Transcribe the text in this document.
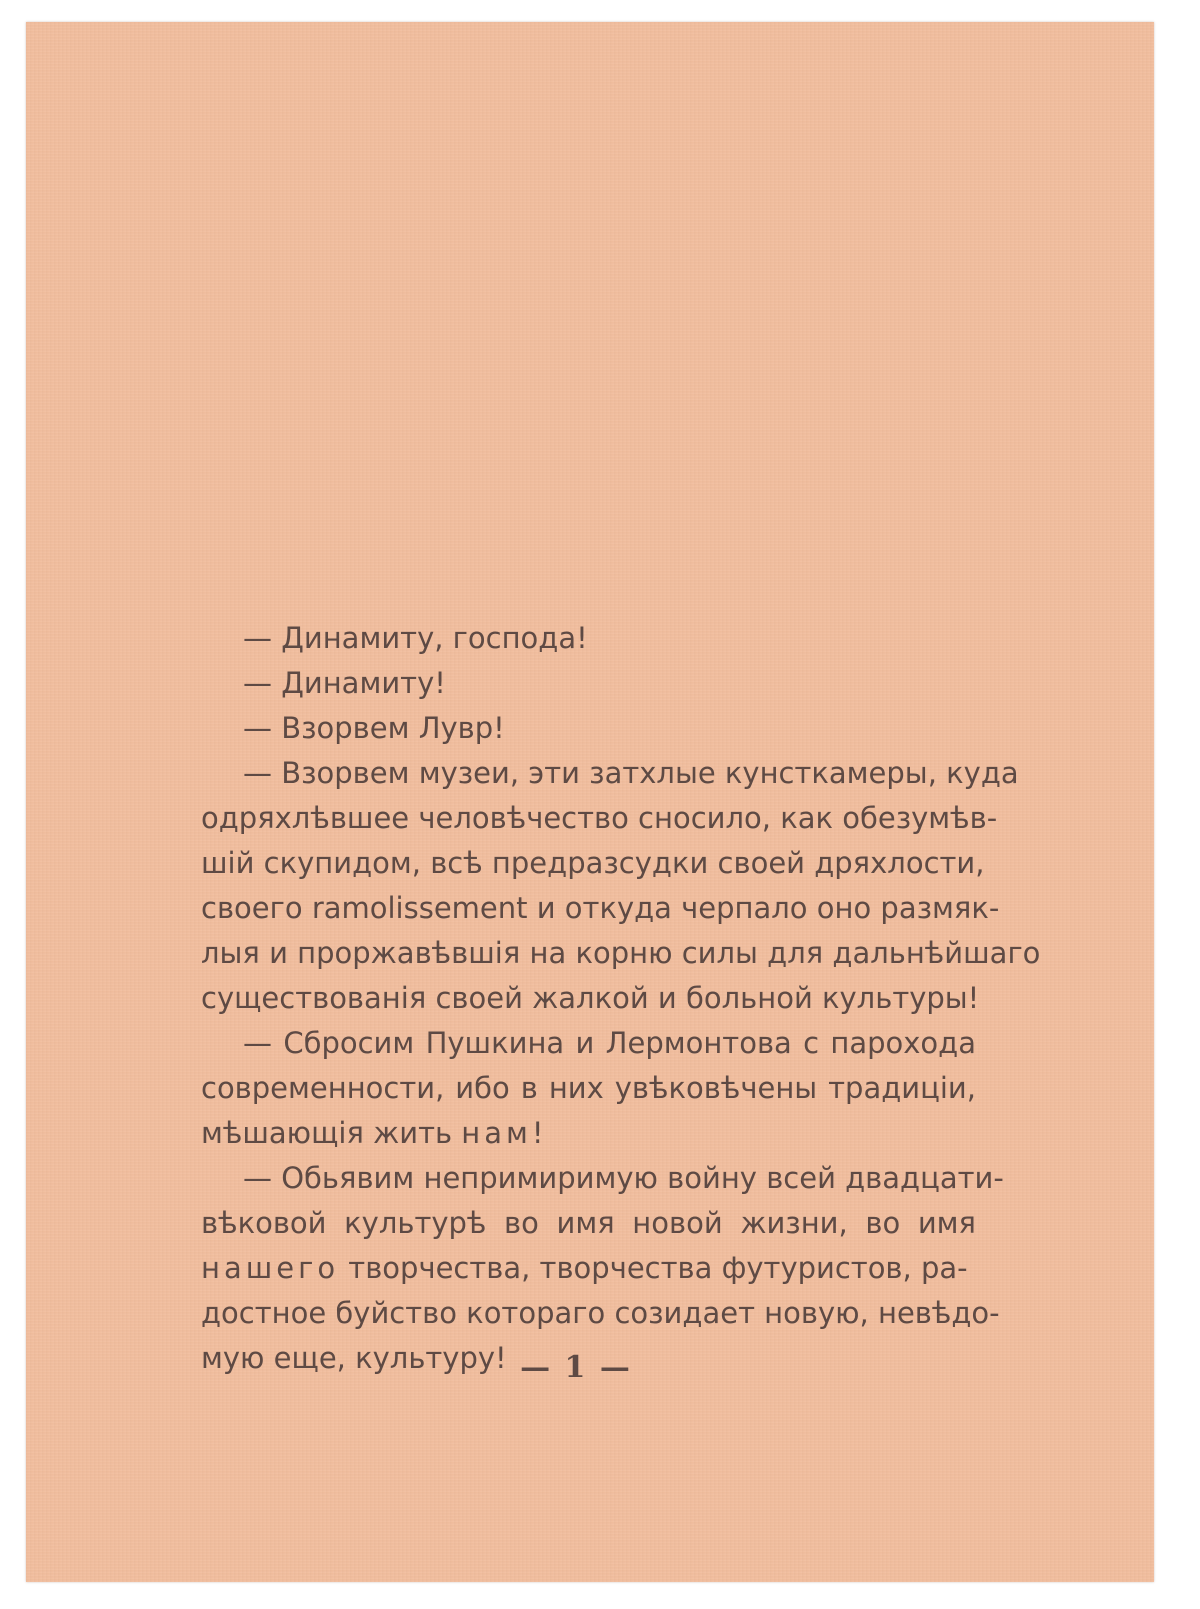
— Динамиту, господа!
— Динамиту!
— Взорвем Лувр!
— Взорвем музеи, эти затхлые кунсткамеры, куда
одряхлѣвшее человѣчество сносило, как обезумѣв-
шій скупидом, всѣ предразсудки своей дряхлости,
своего ramolissement и откуда черпало оно размяк-
лыя и проржавѣвшія на корню силы для дальнѣйшаго
существованія своей жалкой и больной культуры!
— Сбросим Пушкина и Лермонтова с парохода
современности, ибо в них увѣковѣчены традиціи,
мѣшающія жить нам!
— Обьявим непримиримую войну всей двадцати-
вѣковой культурѣ во имя новой жизни, во имя
нашего творчества, творчества футуристов, ра-
достное буйство котораго созидает новую, невѣдо-
мую еще, культуру! — 1 —
